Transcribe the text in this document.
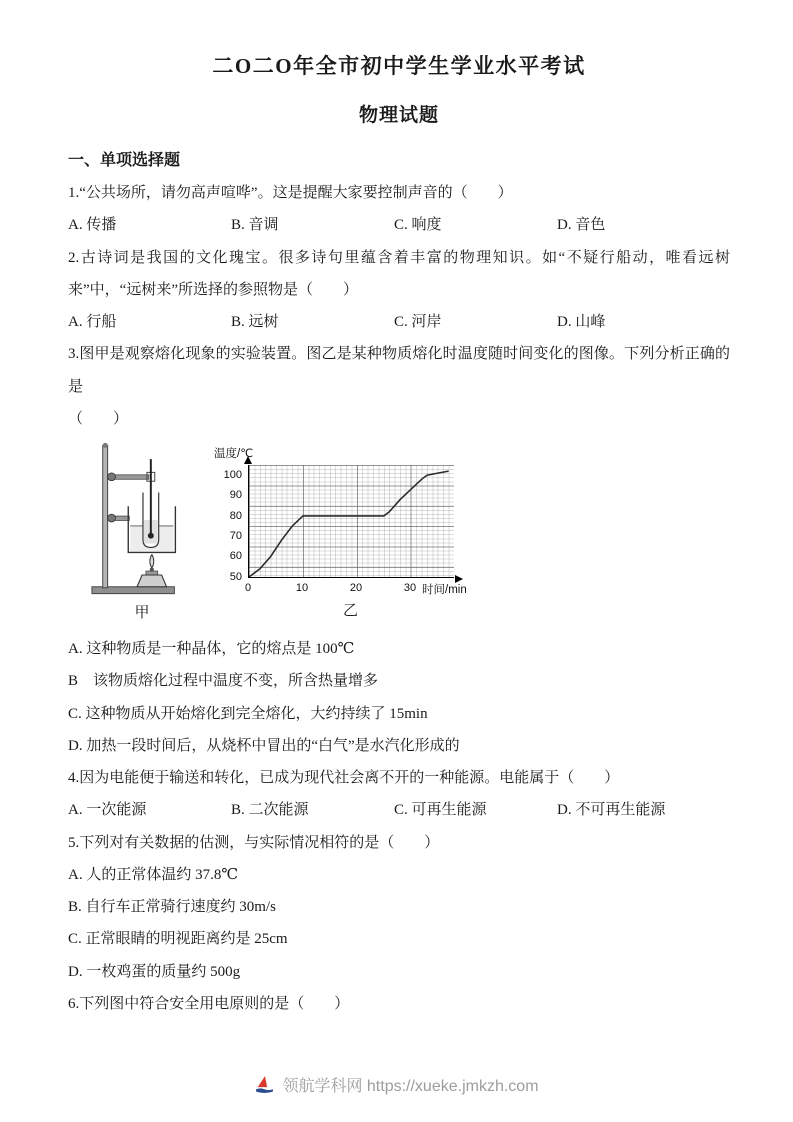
二O二O年全市初中学生学业水平考试
物理试题
一、单项选择题

1.“公共场所，请勿高声喧哗”。这是提醒大家要控制声音的（　　）

A. 传播	B. 音调	C. 响度	D. 音色

2.古诗词是我国的文化瑰宝。很多诗句里蕴含着丰富的物理知识。如“不疑行船动，唯看远树来”中，“远树来”所选择的参照物是（　　）

A. 行船	B. 远树	C. 河岸	D. 山峰

3.图甲是观察熔化现象的实验装置。图乙是某种物质熔化时温度随时间变化的图像。下列分析正确的是

（　　）

甲
温度/℃
100
90
80
70
60
50
0	10	20	30 时间/min
乙

A. 这种物质是一种晶体，它的熔点是 100℃

B　该物质熔化过程中温度不变，所含热量增多

C. 这种物质从开始熔化到完全熔化，大约持续了 15min

D. 加热一段时间后，从烧杯中冒出的“白气”是水汽化形成的

4.因为电能便于输送和转化，已成为现代社会离不开的一种能源。电能属于（　　）

A. 一次能源	B. 二次能源	C. 可再生能源	D. 不可再生能源

5.下列对有关数据的估测，与实际情况相符的是（　　）

A. 人的正常体温约 37.8℃

B. 自行车正常骑行速度约 30m/s

C. 正常眼睛的明视距离约是 25cm

D. 一枚鸡蛋的质量约 500g

6.下列图中符合安全用电原则的是（　　）

领航学科网 https://xueke.jmkzh.com
